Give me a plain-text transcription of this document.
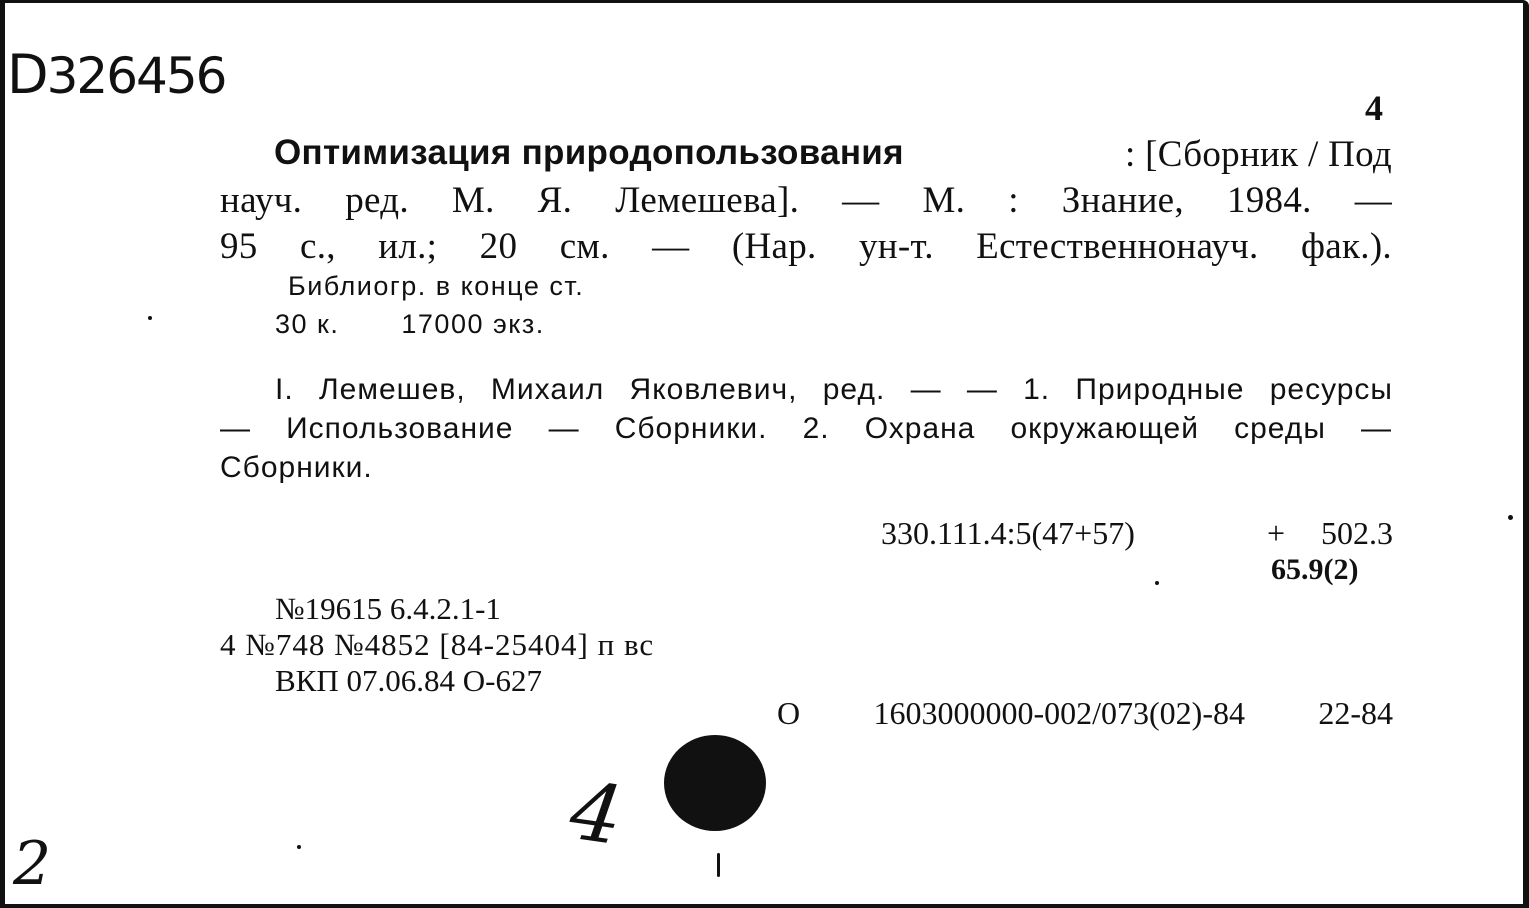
D326456
4
Оптимизация природопользования	: [Сборник / Под
науч. ред. М. Я. Лемешева]. — М. : Знание, 1984. —
95 с., ил.; 20 см. — (Нар. ун-т. Естественнонауч. фак.).
Библиогр. в конце ст.
30 к. 17000 экз.
I. Лемешев, Михаил Яковлевич, ред. — — 1. Природные ресурсы
— Использование — Сборники. 2. Охрана окружающей среды —
Сборники.
330.111.4:5(47+57)	+ 502.3
65.9(2)
№19615 6.4.2.1-1
4 №748 №4852 [84-25404] п вс
ВКП 07.06.84 О-627
О 1603000000-002/073(02)-84 22-84
2
4
